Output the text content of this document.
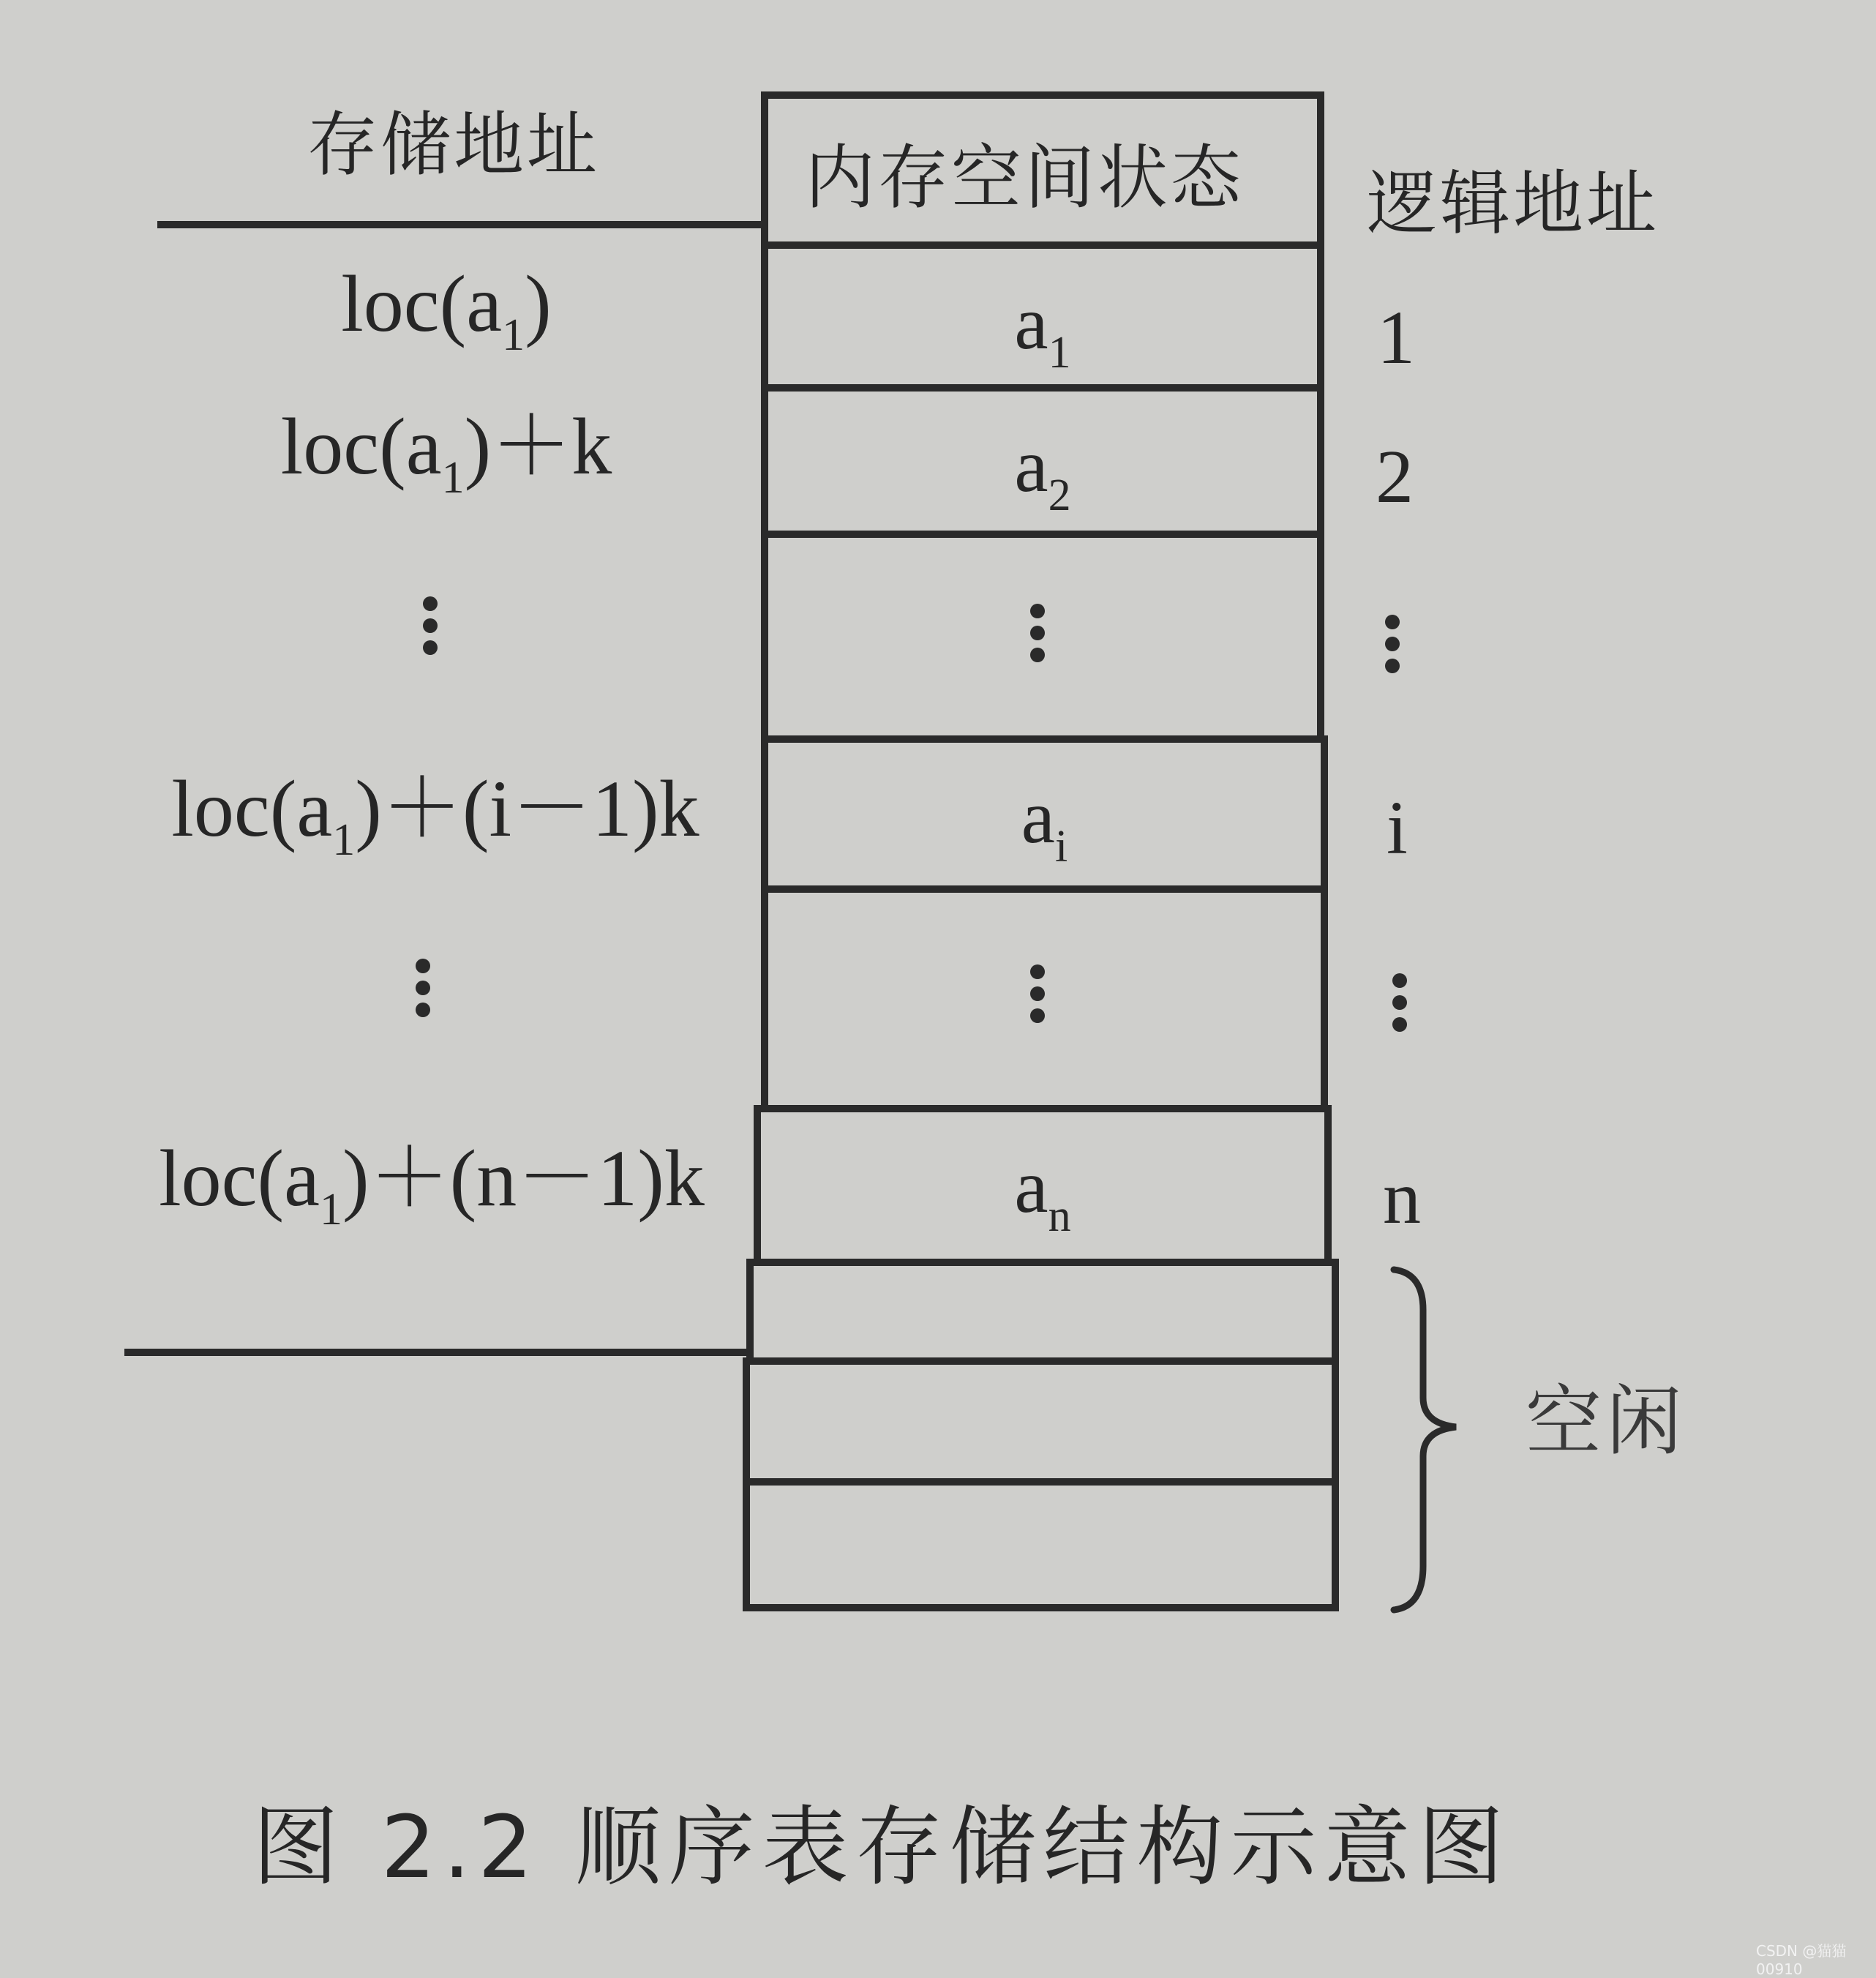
存储地址
逻辑地址
内存空间状态
$loc(a_1)$
$loc(a_1)+k$
$loc(a_1)+(i-1)k$
$loc(a_1)+(n-1)k$
$a_1$
$a_2$
$a_i$
$a_n$
1
2
i
n
空闲
图 2.2 顺序表存储结构示意图
CSDN @猫猫00910
